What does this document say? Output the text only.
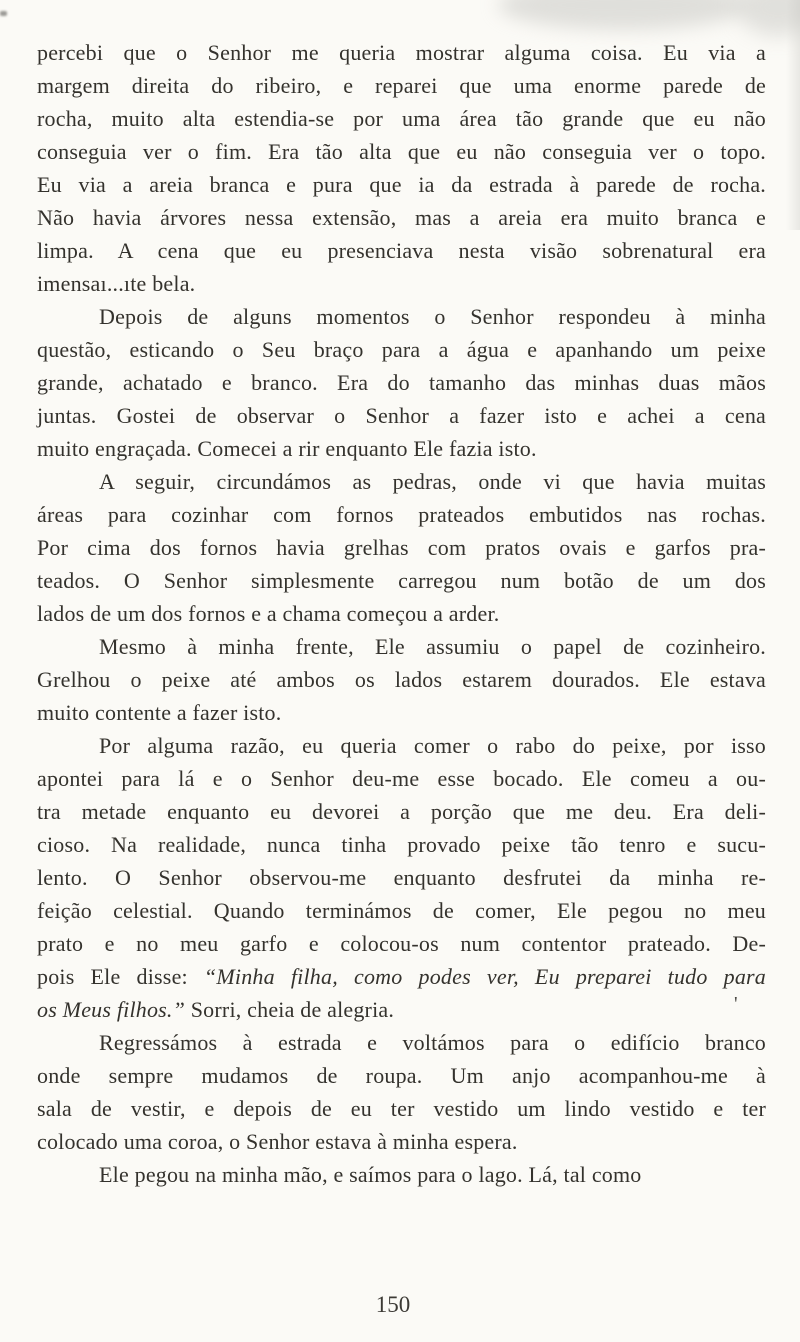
percebi que o Senhor me queria mostrar alguma coisa. Eu via a
margem direita do ribeiro, e reparei que uma enorme parede de
rocha, muito alta estendia-se por uma área tão grande que eu não
conseguia ver o fim. Era tão alta que eu não conseguia ver o topo.
Eu via a areia branca e pura que ia da estrada à parede de rocha.
Não havia árvores nessa extensão, mas a areia era muito branca e
limpa. A cena que eu presenciava nesta visão sobrenatural era
imensaı...ıte bela.
Depois de alguns momentos o Senhor respondeu à minha
questão, esticando o Seu braço para a água e apanhando um peixe
grande, achatado e branco. Era do tamanho das minhas duas mãos
juntas. Gostei de observar o Senhor a fazer isto e achei a cena
muito engraçada. Comecei a rir enquanto Ele fazia isto.
A seguir, circundámos as pedras, onde vi que havia muitas
áreas para cozinhar com fornos prateados embutidos nas rochas.
Por cima dos fornos havia grelhas com pratos ovais e garfos pra-
teados. O Senhor simplesmente carregou num botão de um dos
lados de um dos fornos e a chama começou a arder.
Mesmo à minha frente, Ele assumiu o papel de cozinheiro.
Grelhou o peixe até ambos os lados estarem dourados. Ele estava
muito contente a fazer isto.
Por alguma razão, eu queria comer o rabo do peixe, por isso
apontei para lá e o Senhor deu-me esse bocado. Ele comeu a ou-
tra metade enquanto eu devorei a porção que me deu. Era deli-
cioso. Na realidade, nunca tinha provado peixe tão tenro e sucu-
lento. O Senhor observou-me enquanto desfrutei da minha re-
feição celestial. Quando terminámos de comer, Ele pegou no meu
prato e no meu garfo e colocou-os num contentor prateado. De-
pois Ele disse: “Minha filha, como podes ver, Eu preparei tudo para
os Meus filhos.” Sorri, cheia de alegria.
Regressámos à estrada e voltámos para o edifício branco
onde sempre mudamos de roupa. Um anjo acompanhou-me à
sala de vestir, e depois de eu ter vestido um lindo vestido e ter
colocado uma coroa, o Senhor estava à minha espera.
Ele pegou na minha mão, e saímos para o lago. Lá, tal como
'
150
